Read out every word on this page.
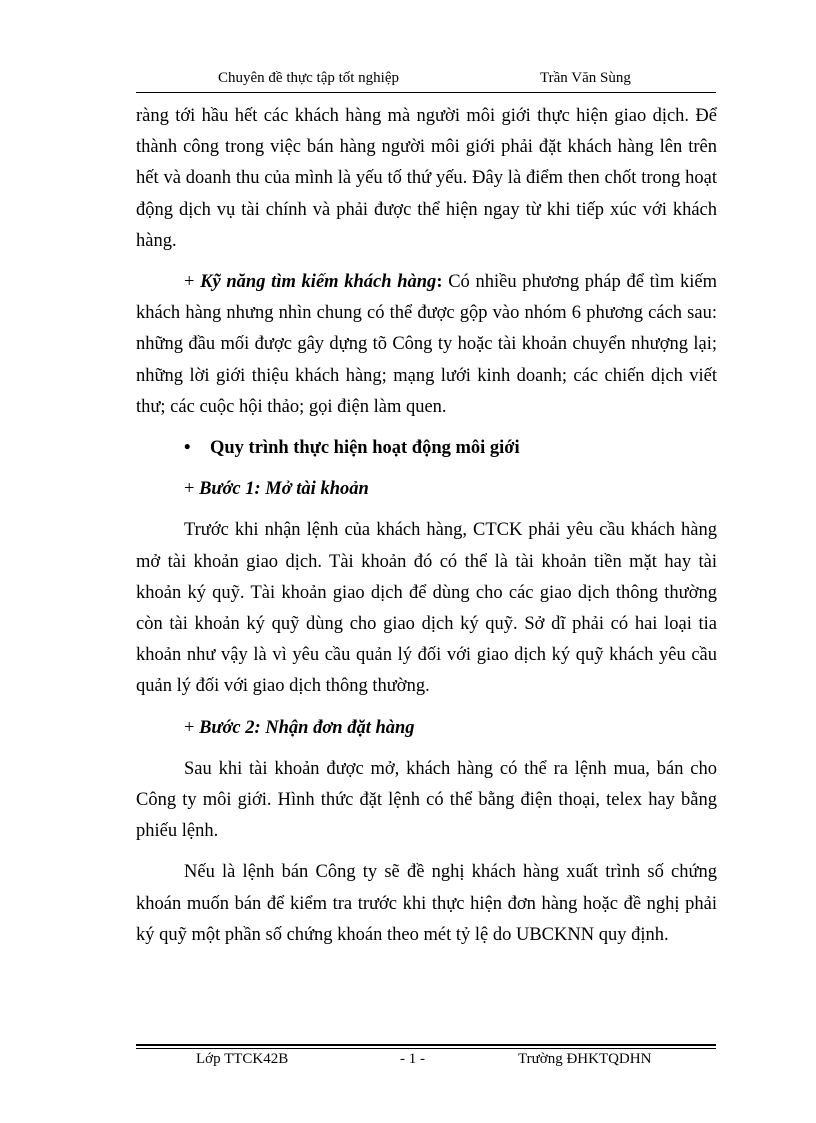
Chuyên đề thực tập tốt nghiệp	Trần Văn Sùng

ràng tới hầu hết các khách hàng mà người môi giới thực hiện giao dịch. Để thành công trong việc bán hàng người môi giới phải đặt khách hàng lên trên hết và doanh thu của mình là yếu tố thứ yếu. Đây là điểm then chốt trong hoạt động dịch vụ tài chính và phải được thể hiện ngay từ khi tiếp xúc với khách hàng.

+ Kỹ năng tìm kiếm khách hàng: Có nhiều phương pháp để tìm kiếm khách hàng nhưng nhìn chung có thể được gộp vào nhóm 6 phương cách sau: những đầu mối được gây dựng tõ Công ty hoặc tài khoản chuyển nhượng lại; những lời giới thiệu khách hàng; mạng lưới kinh doanh; các chiến dịch viết thư; các cuộc hội thảo; gọi điện làm quen.

• Quy trình thực hiện hoạt động môi giới
+ Bước 1: Mở tài khoản

Trước khi nhận lệnh của khách hàng, CTCK phải yêu cầu khách hàng mở tài khoản giao dịch. Tài khoản đó có thể là tài khoản tiền mặt hay tài khoản ký quỹ. Tài khoản giao dịch để dùng cho các giao dịch thông thường còn tài khoản ký quỹ dùng cho giao dịch ký quỹ. Sở dĩ phải có hai loại tia khoản như vậy là vì yêu cầu quản lý đối với giao dịch ký quỹ khách yêu cầu quản lý đối với giao dịch thông thường.

+ Bước 2: Nhận đơn đặt hàng

Sau khi tài khoản được mở, khách hàng có thể ra lệnh mua, bán cho Công ty môi giới. Hình thức đặt lệnh có thể bằng điện thoại, telex hay bằng phiếu lệnh.

Nếu là lệnh bán Công ty sẽ đề nghị khách hàng xuất trình số chứng khoán muốn bán để kiểm tra trước khi thực hiện đơn hàng hoặc đề nghị phải ký quỹ một phần số chứng khoán theo mét tỷ lệ do UBCKNN quy định.

Lớp TTCK42B	- 1 -	Trường ĐHKTQDHN
